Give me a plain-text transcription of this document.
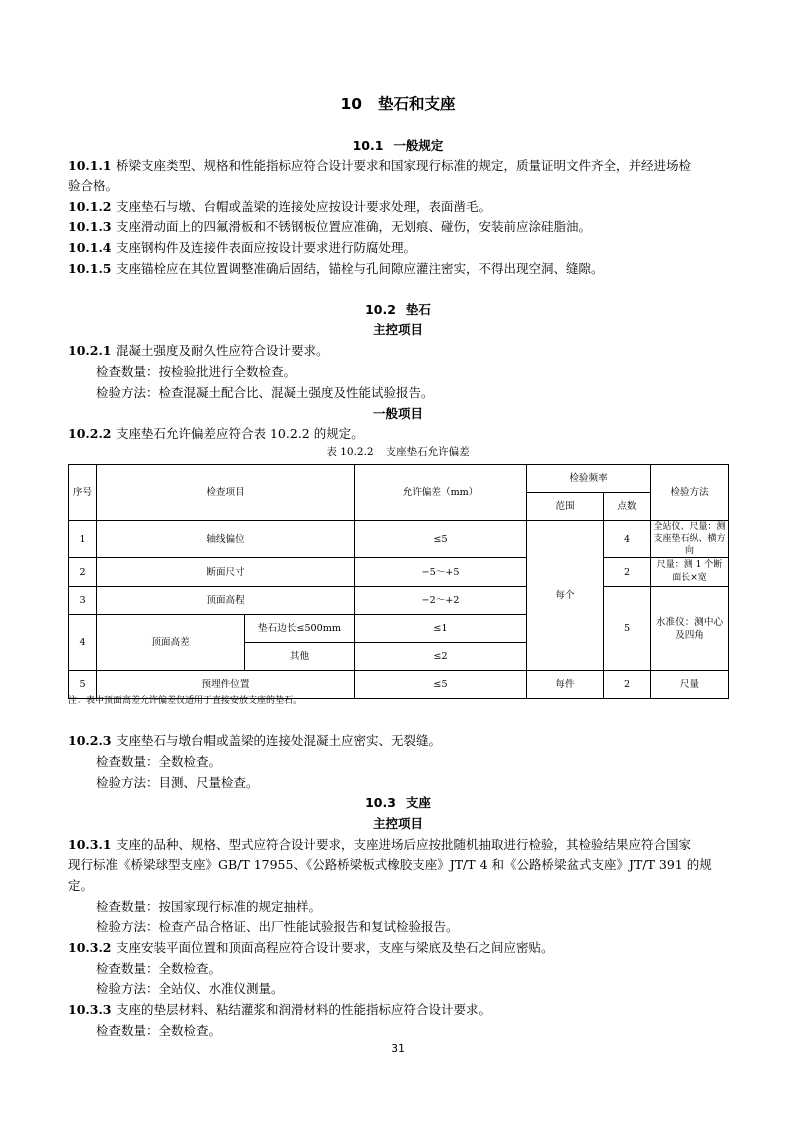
10 垫石和支座
10.1 一般规定
10.1.1 桥梁支座类型、规格和性能指标应符合设计要求和国家现行标准的规定，质量证明文件齐全，并经进场检
验合格。
10.1.2 支座垫石与墩、台帽或盖梁的连接处应按设计要求处理，表面凿毛。
10.1.3 支座滑动面上的四氟滑板和不锈钢板位置应准确，无划痕、碰伤，安装前应涂硅脂油。
10.1.4 支座钢构件及连接件表面应按设计要求进行防腐处理。
10.1.5 支座锚栓应在其位置调整准确后固结，锚栓与孔间隙应灌注密实，不得出现空洞、缝隙。
10.2 垫石
主控项目
10.2.1 混凝土强度及耐久性应符合设计要求。
检查数量：按检验批进行全数检查。
检验方法：检查混凝土配合比、混凝土强度及性能试验报告。
一般项目
10.2.2 支座垫石允许偏差应符合表 10.2.2 的规定。
表 10.2.2 支座垫石允许偏差
序号	检查项目		允许偏差（mm）	检验频率		检验方法
				范围	点数	
1	轴线偏位		≤5	每个	4	全站仪、尺量：测支座垫石纵、横方向
2	断面尺寸		−5～+5		2	尺量：测 1 个断面长×宽
3	顶面高程		−2～+2		5	水准仪：测中心及四角
4	顶面高差	垫石边长≤500mm	≤1			
		其他	≤2			
5	预埋件位置		≤5	每件	2	尺量
注：表中顶面高差允许偏差仅适用于直接安放支座的垫石。
10.2.3 支座垫石与墩台帽或盖梁的连接处混凝土应密实、无裂缝。
检查数量：全数检查。
检验方法：目测、尺量检查。
10.3 支座
主控项目
10.3.1 支座的品种、规格、型式应符合设计要求，支座进场后应按批随机抽取进行检验，其检验结果应符合国家
现行标准《桥梁球型支座》GB/T 17955、《公路桥梁板式橡胶支座》JT/T 4 和《公路桥梁盆式支座》JT/T 391 的规
定。
检查数量：按国家现行标准的规定抽样。
检验方法：检查产品合格证、出厂性能试验报告和复试检验报告。
10.3.2 支座安装平面位置和顶面高程应符合设计要求，支座与梁底及垫石之间应密贴。
检查数量：全数检查。
检验方法：全站仪、水准仪测量。
10.3.3 支座的垫层材料、粘结灌浆和润滑材料的性能指标应符合设计要求。
检查数量：全数检查。
31
